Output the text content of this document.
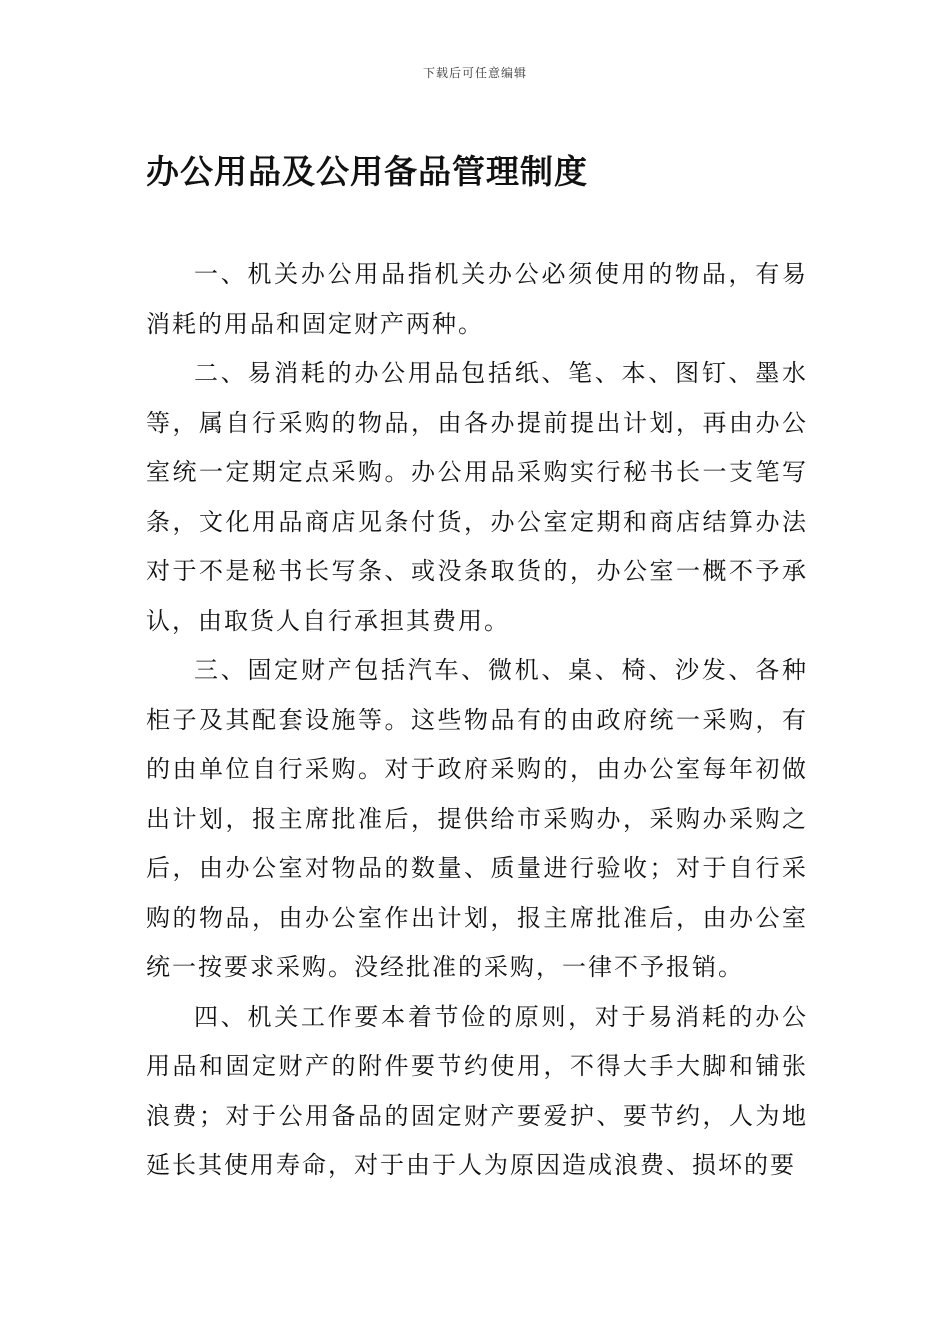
下载后可任意编辑
办公用品及公用备品管理制度

一、机关办公用品指机关办公必须使用的物品，有易消耗的用品和固定财产两种。

二、易消耗的办公用品包括纸、笔、本、图钉、墨水等，属自行采购的物品，由各办提前提出计划，再由办公室统一定期定点采购。办公用品采购实行秘书长一支笔写条，文化用品商店见条付货，办公室定期和商店结算办法对于不是秘书长写条、或没条取货的，办公室一概不予承认，由取货人自行承担其费用。

三、固定财产包括汽车、微机、桌、椅、沙发、各种柜子及其配套设施等。这些物品有的由政府统一采购，有的由单位自行采购。对于政府采购的，由办公室每年初做出计划，报主席批准后，提供给市采购办，采购办采购之后，由办公室对物品的数量、质量进行验收；对于自行采购的物品，由办公室作出计划，报主席批准后，由办公室统一按要求采购。没经批准的采购，一律不予报销。

四、机关工作要本着节俭的原则，对于易消耗的办公用品和固定财产的附件要节约使用，不得大手大脚和铺张浪费；对于公用备品的固定财产要爱护、要节约，人为地延长其使用寿命，对于由于人为原因造成浪费、损坏的要
